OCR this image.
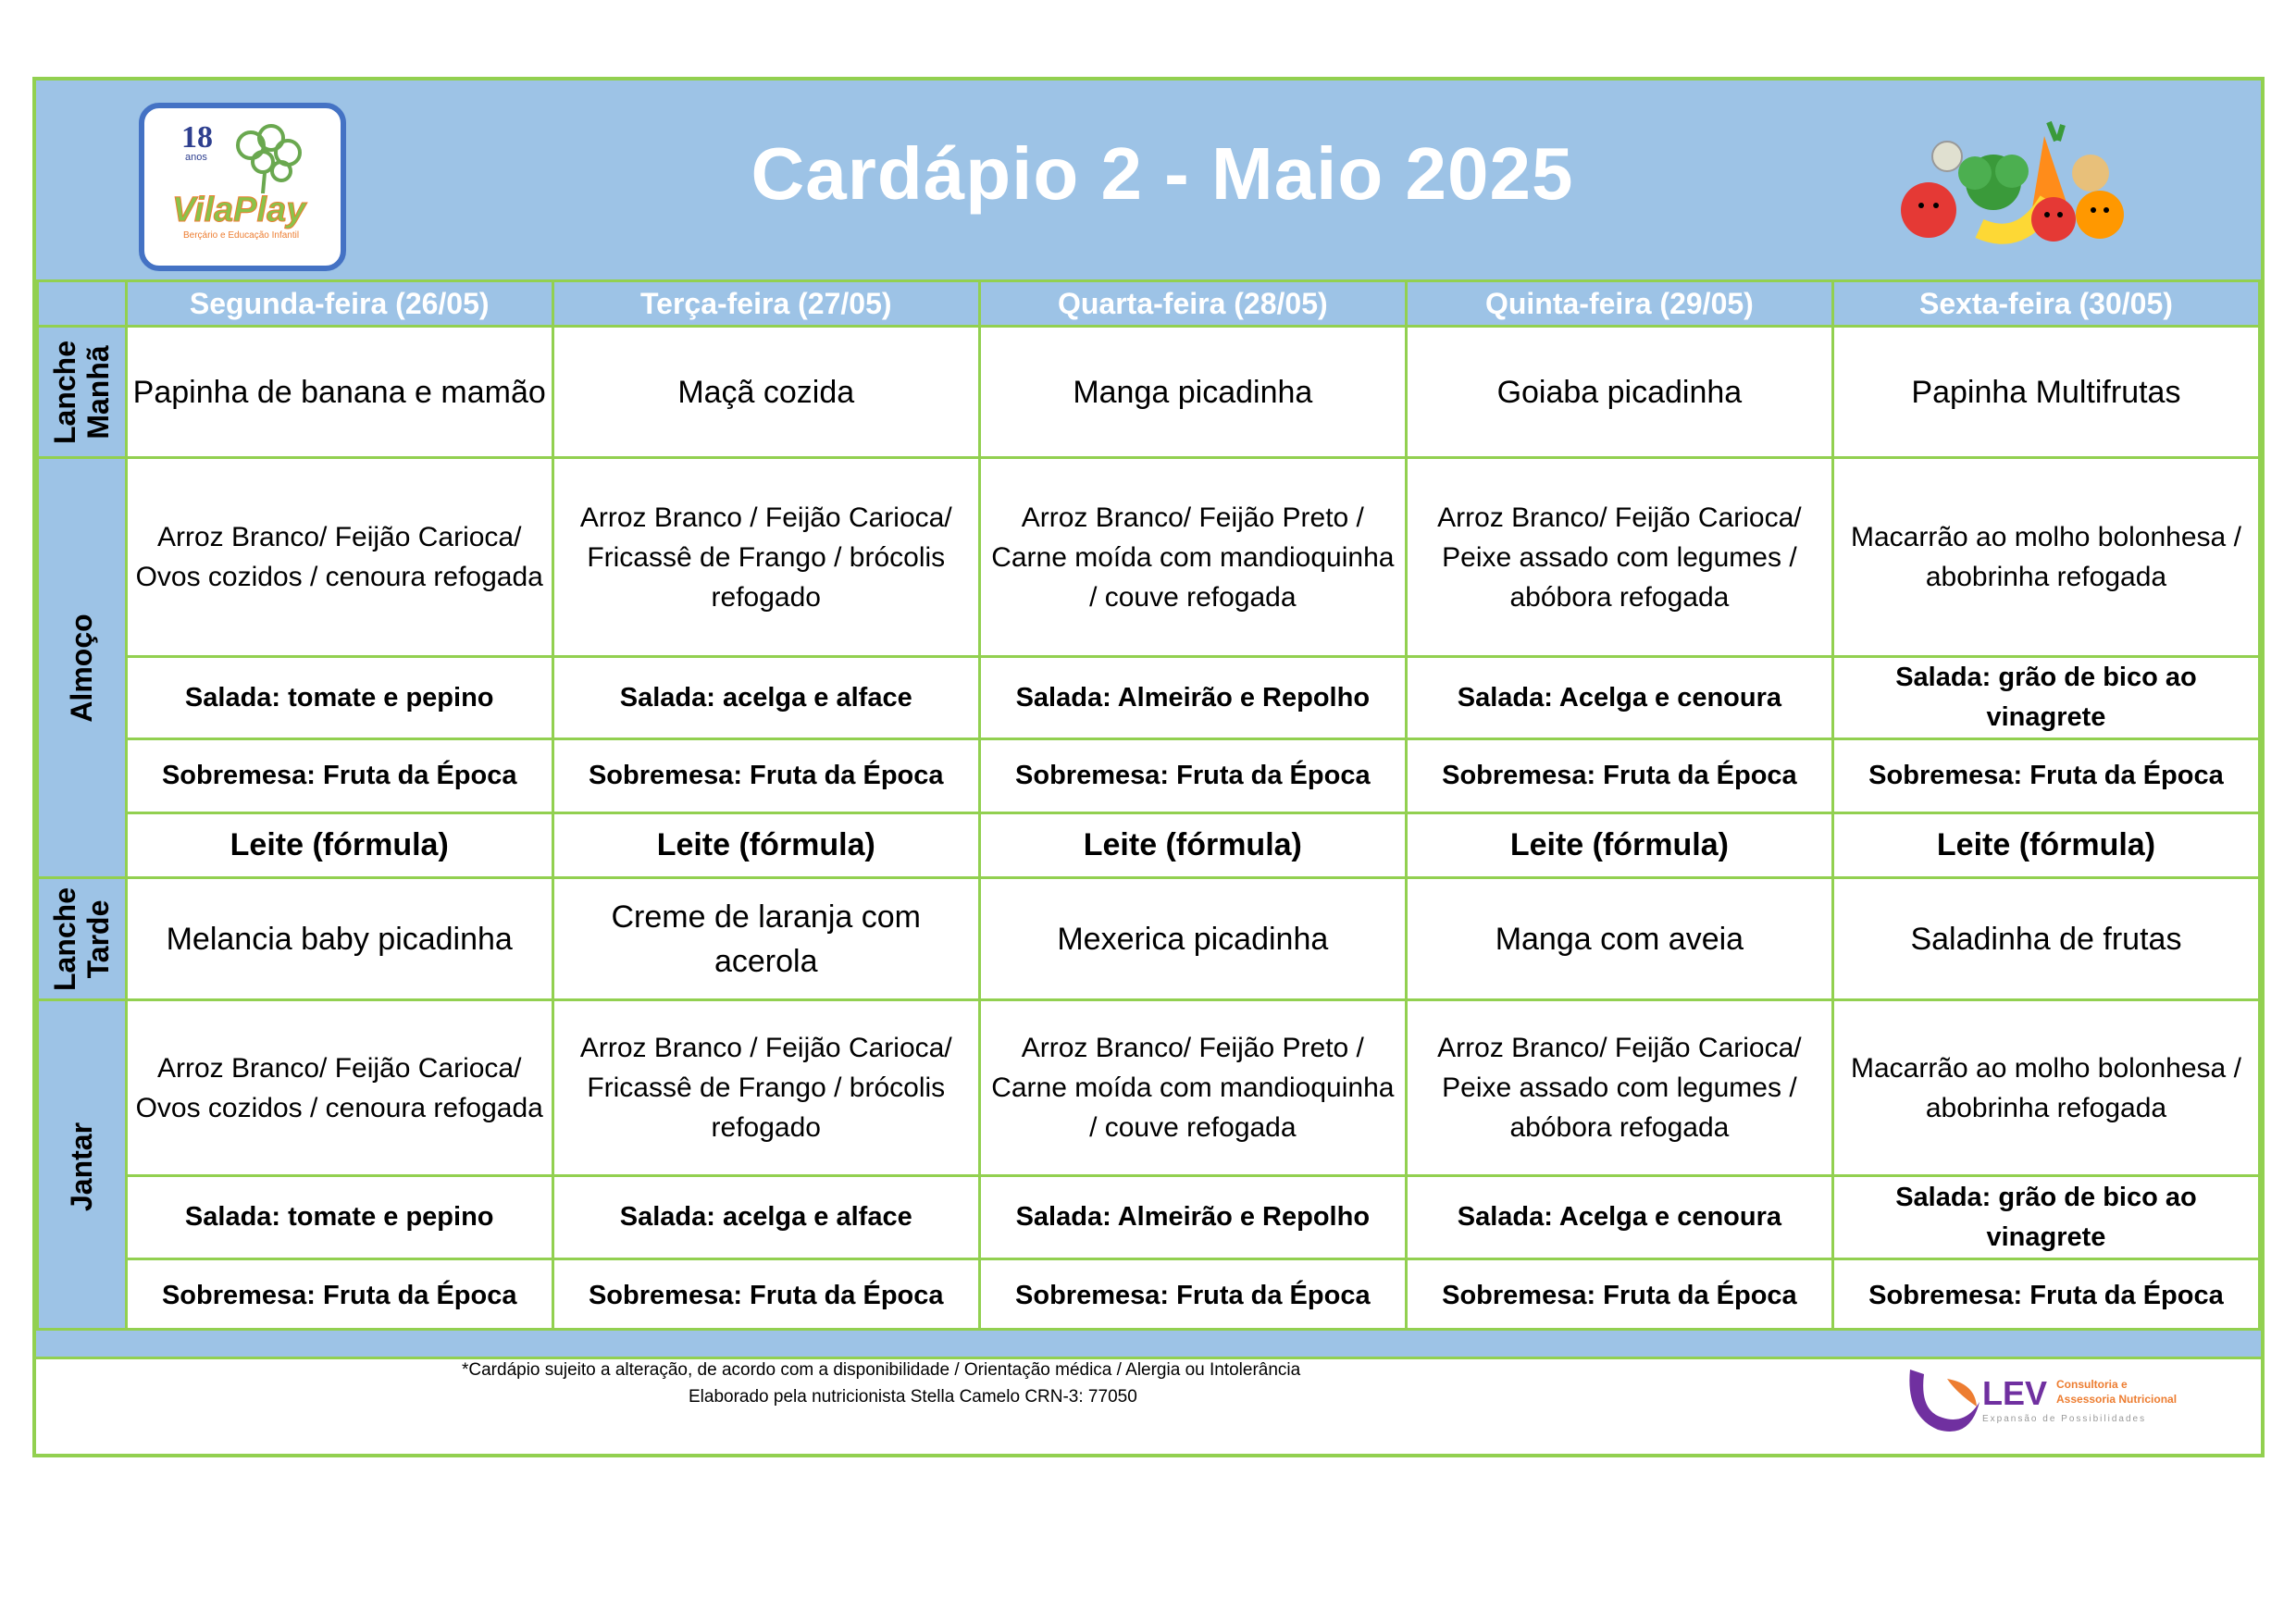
18
anos
VilaPlay
Berçário e Educação Infantil
Cardápio 2 - Maio 2025
	Segunda-feira (26/05)	Terça-feira (27/05)	Quarta-feira (28/05)	Quinta-feira (29/05)	Sexta-feira (30/05)

Lanche
Manhã	Papinha de banana e mamão	Maçã cozida	Manga picadinha	Goiaba picadinha	Papinha Multifrutas

Almoço	Arroz Branco/ Feijão Carioca/ Ovos cozidos / cenoura refogada	Arroz Branco / Feijão Carioca/ Fricassê de Frango / brócolis refogado	Arroz Branco/ Feijão Preto / Carne moída com mandioquinha / couve refogada	Arroz Branco/ Feijão Carioca/ Peixe assado com legumes / abóbora refogada	Macarrão ao molho bolonhesa / abobrinha refogada
	Salada: tomate e pepino	Salada: acelga e alface	Salada: Almeirão e Repolho	Salada: Acelga e cenoura	Salada: grão de bico ao vinagrete
	Sobremesa: Fruta da Época	Sobremesa: Fruta da Época	Sobremesa: Fruta da Época	Sobremesa: Fruta da Época	Sobremesa: Fruta da Época
	Leite (fórmula)	Leite (fórmula)	Leite (fórmula)	Leite (fórmula)	Leite (fórmula)

Lanche
Tarde	Melancia baby picadinha	Creme de laranja com acerola	Mexerica picadinha	Manga com aveia	Saladinha de frutas

Jantar	Arroz Branco/ Feijão Carioca/ Ovos cozidos / cenoura refogada	Arroz Branco / Feijão Carioca/ Fricassê de Frango / brócolis refogado	Arroz Branco/ Feijão Preto / Carne moída com mandioquinha / couve refogada	Arroz Branco/ Feijão Carioca/ Peixe assado com legumes / abóbora refogada	Macarrão ao molho bolonhesa / abobrinha refogada
	Salada: tomate e pepino	Salada: acelga e alface	Salada: Almeirão e Repolho	Salada: Acelga e cenoura	Salada: grão de bico ao vinagrete
	Sobremesa: Fruta da Época	Sobremesa: Fruta da Época	Sobremesa: Fruta da Época	Sobremesa: Fruta da Época	Sobremesa: Fruta da Época
*Cardápio sujeito a alteração, de acordo com a disponibilidade / Orientação médica / Alergia ou Intolerância
Elaborado pela nutricionista Stella Camelo CRN-3: 77050	LEV Consultoria e
Assessoria Nutricional
Expansão de Possibilidades
